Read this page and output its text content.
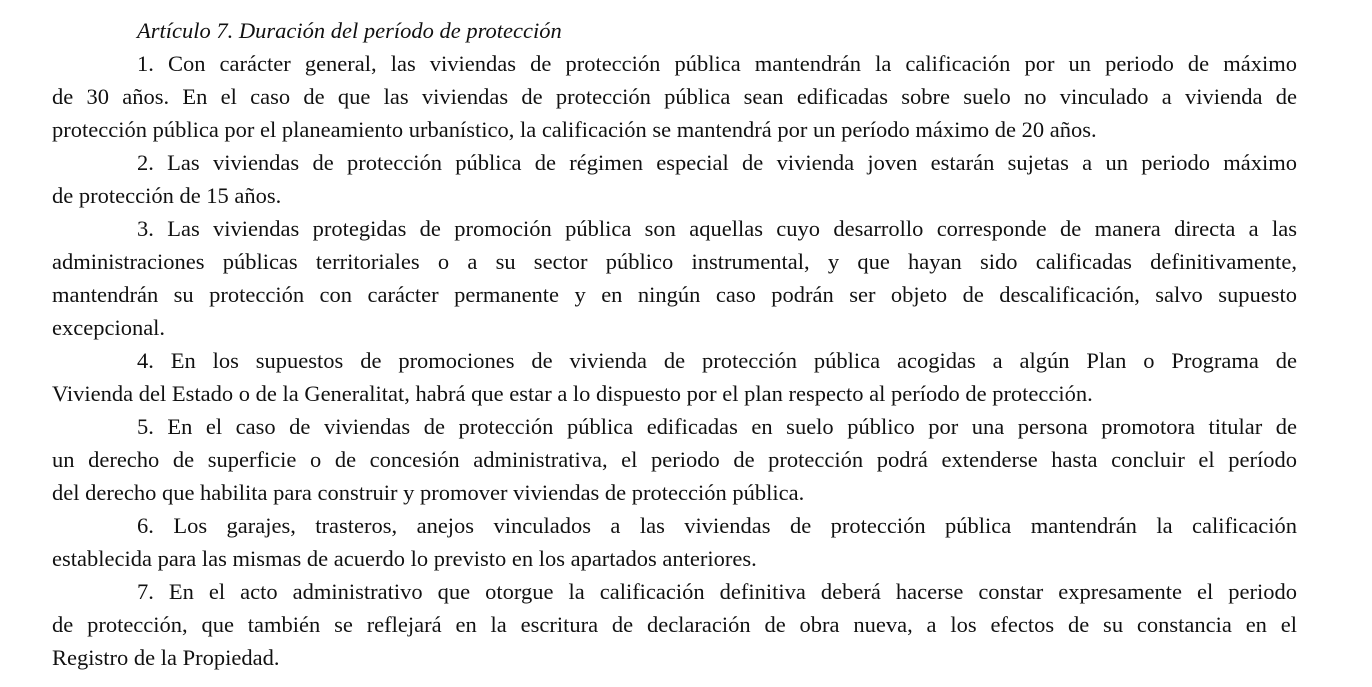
Artículo 7. Duración del período de protección
1. Con carácter general, las viviendas de protección pública mantendrán la calificación por un periodo de máximo
de 30 años. En el caso de que las viviendas de protección pública sean edificadas sobre suelo no vinculado a vivienda de
protección pública por el planeamiento urbanístico, la calificación se mantendrá por un período máximo de 20 años.
2. Las viviendas de protección pública de régimen especial de vivienda joven estarán sujetas a un periodo máximo
de protección de 15 años.
3. Las viviendas protegidas de promoción pública son aquellas cuyo desarrollo corresponde de manera directa a las
administraciones públicas territoriales o a su sector público instrumental, y que hayan sido calificadas definitivamente,
mantendrán su protección con carácter permanente y en ningún caso podrán ser objeto de descalificación, salvo supuesto
excepcional.
4. En los supuestos de promociones de vivienda de protección pública acogidas a algún Plan o Programa de
Vivienda del Estado o de la Generalitat, habrá que estar a lo dispuesto por el plan respecto al período de protección.
5. En el caso de viviendas de protección pública edificadas en suelo público por una persona promotora titular de
un derecho de superficie o de concesión administrativa, el periodo de protección podrá extenderse hasta concluir el período
del derecho que habilita para construir y promover viviendas de protección pública.
6. Los garajes, trasteros, anejos vinculados a las viviendas de protección pública mantendrán la calificación
establecida para las mismas de acuerdo lo previsto en los apartados anteriores.
7. En el acto administrativo que otorgue la calificación definitiva deberá hacerse constar expresamente el periodo
de protección, que también se reflejará en la escritura de declaración de obra nueva, a los efectos de su constancia en el
Registro de la Propiedad.
